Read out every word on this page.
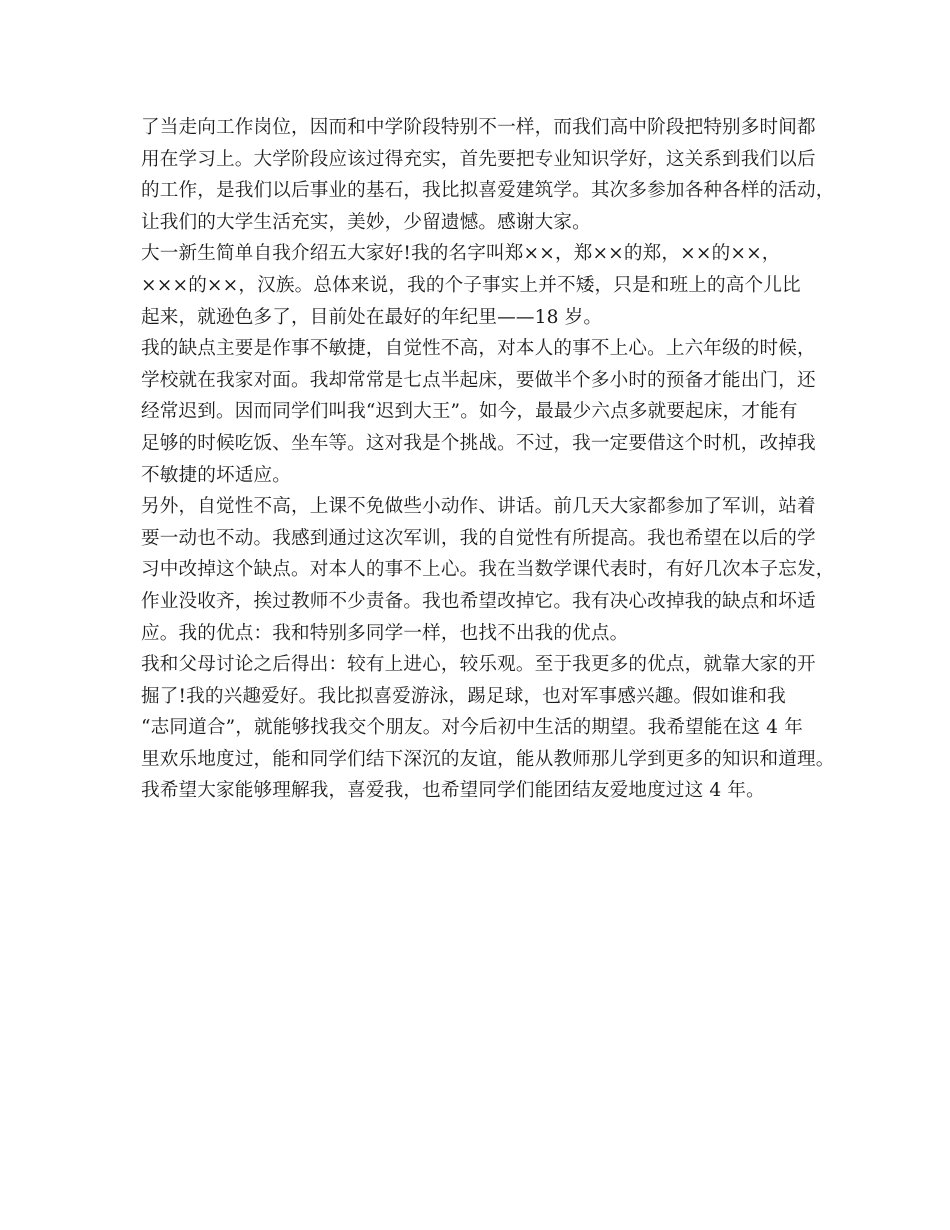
了当走向工作岗位，因而和中学阶段特别不一样，而我们高中阶段把特别多时间都
用在学习上。大学阶段应该过得充实，首先要把专业知识学好，这关系到我们以后
的工作，是我们以后事业的基石，我比拟喜爱建筑学。其次多参加各种各样的活动，
让我们的大学生活充实，美妙，少留遗憾。感谢大家。
大一新生简单自我介绍五大家好!我的名字叫郑××，郑××的郑，××的××，
×××的××，汉族。总体来说，我的个子事实上并不矮，只是和班上的高个儿比
起来，就逊色多了，目前处在最好的年纪里——18 岁。
我的缺点主要是作事不敏捷，自觉性不高，对本人的事不上心。上六年级的时候，
学校就在我家对面。我却常常是七点半起床，要做半个多小时的预备才能出门，还
经常迟到。因而同学们叫我“迟到大王”。如今，最最少六点多就要起床，才能有
足够的时候吃饭、坐车等。这对我是个挑战。不过，我一定要借这个时机，改掉我
不敏捷的坏适应。
另外，自觉性不高，上课不免做些小动作、讲话。前几天大家都参加了军训，站着
要一动也不动。我感到通过这次军训，我的自觉性有所提高。我也希望在以后的学
习中改掉这个缺点。对本人的事不上心。我在当数学课代表时，有好几次本子忘发，
作业没收齐，挨过教师不少责备。我也希望改掉它。我有决心改掉我的缺点和坏适
应。我的优点：我和特别多同学一样，也找不出我的优点。
我和父母讨论之后得出：较有上进心，较乐观。至于我更多的优点，就靠大家的开
掘了!我的兴趣爱好。我比拟喜爱游泳，踢足球，也对军事感兴趣。假如谁和我
“志同道合”，就能够找我交个朋友。对今后初中生活的期望。我希望能在这 4 年
里欢乐地度过，能和同学们结下深沉的友谊，能从教师那儿学到更多的知识和道理。
我希望大家能够理解我，喜爱我，也希望同学们能团结友爱地度过这 4 年。
